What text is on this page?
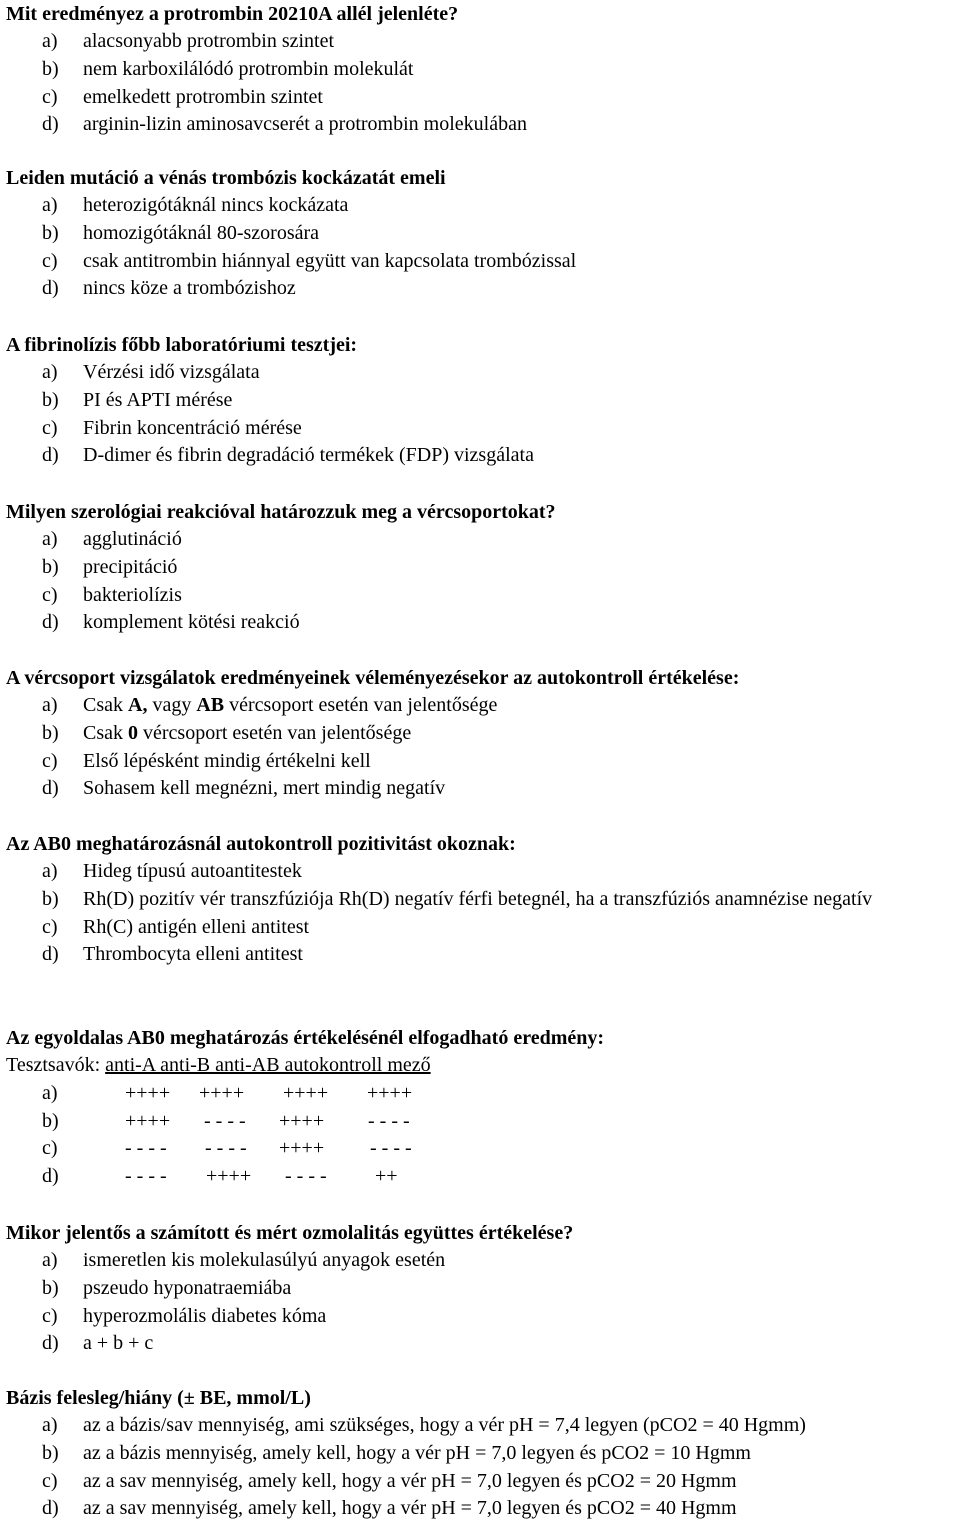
Mit eredményez a protrombin 20210A allél jelenléte?
a) alacsonyabb protrombin szintet
b) nem karboxilálódó protrombin molekulát
c) emelkedett protrombin szintet
d) arginin-lizin aminosavcserét a protrombin molekulában
Leiden mutáció a vénás trombózis kockázatát emeli
a) heterozigótáknál nincs kockázata
b) homozigótáknál 80-szorosára
c) csak antitrombin hiánnyal együtt van kapcsolata trombózissal
d) nincs köze a trombózishoz
A fibrinolízis főbb laboratóriumi tesztjei:
a) Vérzési idő vizsgálata
b) PI és APTI mérése
c) Fibrin koncentráció mérése
d) D-dimer és fibrin degradáció termékek (FDP) vizsgálata
Milyen szerológiai reakcióval határozzuk meg a vércsoportokat?
a) agglutináció
b) precipitáció
c) bakteriolízis
d) komplement kötési reakció
A vércsoport vizsgálatok eredményeinek véleményezésekor az autokontroll értékelése:
a) Csak A, vagy AB vércsoport esetén van jelentősége
b) Csak 0 vércsoport esetén van jelentősége
c) Első lépésként mindig értékelni kell
d) Sohasem kell megnézni, mert mindig negatív
Az AB0 meghatározásnál autokontroll pozitivitást okoznak:
a) Hideg típusú autoantitestek
b) Rh(D) pozitív vér transzfúziója Rh(D) negatív férfi betegnél, ha a transzfúziós anamnézise negatív
c) Rh(C) antigén elleni antitest
d) Thrombocyta elleni antitest
Az egyoldalas AB0 meghatározás értékelésénél elfogadható eredmény:
Tesztsavók: anti-A anti-B anti-AB autokontroll mező
a)	++++ ++++ ++++ ++++
b)	++++ - - - - ++++ - - - -
c)	- - - - - - - - ++++ - - - -
d)	- - - - ++++ - - - - ++
Mikor jelentős a számított és mért ozmolalitás együttes értékelése?
a) ismeretlen kis molekulasúlyú anyagok esetén
b) pszeudo hyponatraemiába
c) hyperozmolális diabetes kóma
d) a + b + c
Bázis felesleg/hiány (± BE, mmol/L)
a) az a bázis/sav mennyiség, ami szükséges, hogy a vér pH = 7,4 legyen (pCO2 = 40 Hgmm)
b) az a bázis mennyiség, amely kell, hogy a vér pH = 7,0 legyen és pCO2 = 10 Hgmm
c) az a sav mennyiség, amely kell, hogy a vér pH = 7,0 legyen és pCO2 = 20 Hgmm
d) az a sav mennyiség, amely kell, hogy a vér pH = 7,0 legyen és pCO2 = 40 Hgmm
